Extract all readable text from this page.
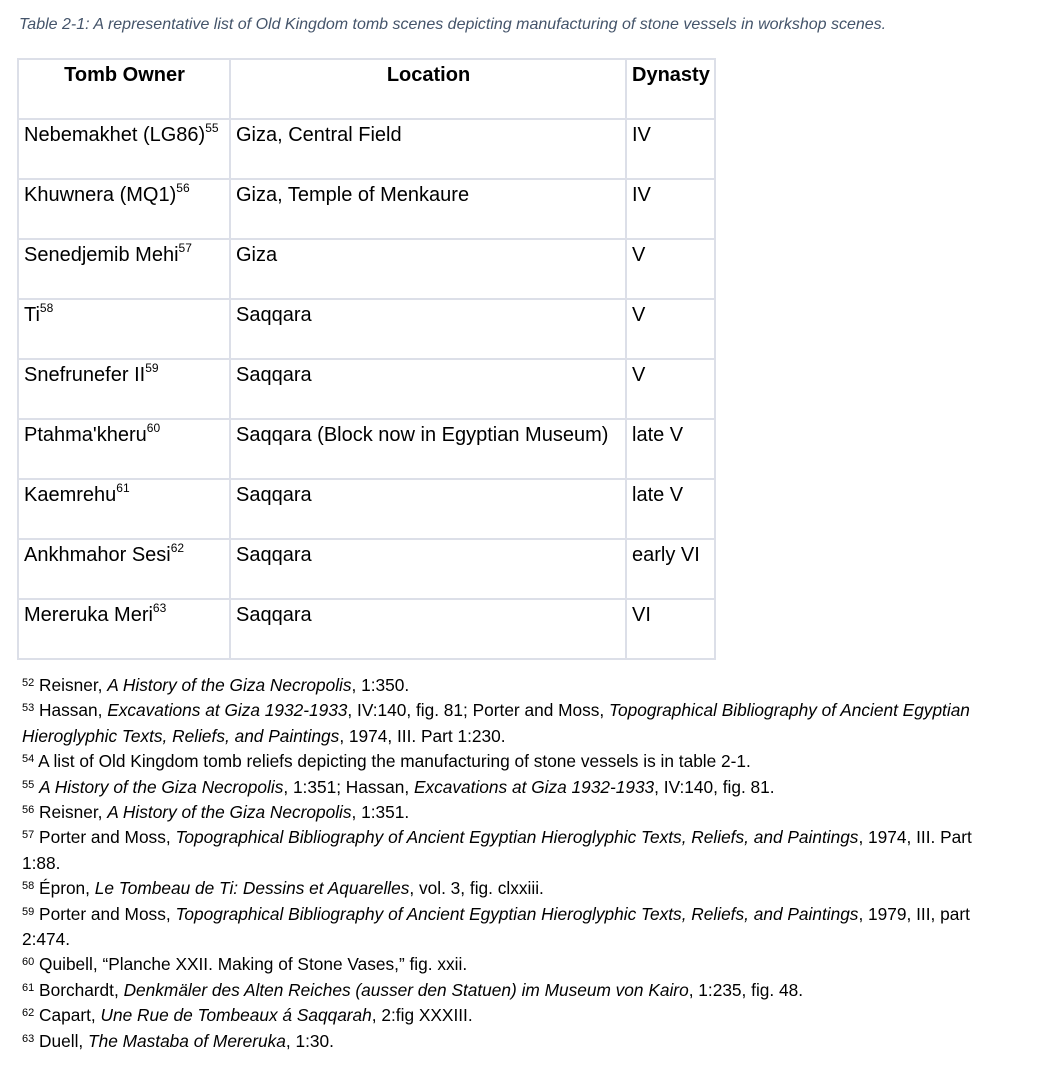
Table 2-1: A representative list of Old Kingdom tomb scenes depicting manufacturing of stone vessels in workshop scenes.
Tomb Owner	Location	Dynasty
Nebemakhet $(LG86)^{55}$	Giza, Central Field	IV
Khuwnera $(MQ1)^{56}$	Giza, Temple of Menkaure	IV
Senedjemib Mehi$^{57}$	Giza	V
Ti$^{58}$	Saqqara	V
Snefrunefer II$^{59}$	Saqqara	V
Ptahma'kheru$^{60}$	Saqqara (Block now in Egyptian Museum)	late V
Kaemrehu$^{61}$	Saqqara	late V
Ankhmahor Sesi$^{62}$	Saqqara	early VI
Mereruka Meri$^{63}$	Saqqara	VI

$^{52}$ Reisner, A History of the Giza Necropolis, 1:350.

$^{53}$ Hassan, Excavations at Giza 1932-1933, IV:140, fig. 81; Porter and Moss, Topographical Bibliography of Ancient Egyptian Hieroglyphic Texts, Reliefs, and Paintings, 1974, III. Part 1:230.

$^{54}$ A list of Old Kingdom tomb reliefs depicting the manufacturing of stone vessels is in table 2-1.

$^{55}$ A History of the Giza Necropolis, 1:351; Hassan, Excavations at Giza 1932-1933, IV:140, fig. 81.

$^{56}$ Reisner, A History of the Giza Necropolis, 1:351.

$^{57}$ Porter and Moss, Topographical Bibliography of Ancient Egyptian Hieroglyphic Texts, Reliefs, and Paintings, 1974, III. Part 1:88.

$^{58}$ Épron, Le Tombeau de Ti: Dessins et Aquarelles, vol. 3, fig. clxxiii.

$^{59}$ Porter and Moss, Topographical Bibliography of Ancient Egyptian Hieroglyphic Texts, Reliefs, and Paintings, 1979, III, part 2:474.

$^{60}$ Quibell, “Planche XXII. Making of Stone Vases,” fig. xxii.

$^{61}$ Borchardt, Denkmäler des Alten Reiches (ausser den Statuen) im Museum von Kairo, 1:235, fig. 48.

$^{62}$ Capart, Une Rue de Tombeaux á Saqqarah, 2:fig XXXIII.

$^{63}$ Duell, The Mastaba of Mereruka, 1:30.
